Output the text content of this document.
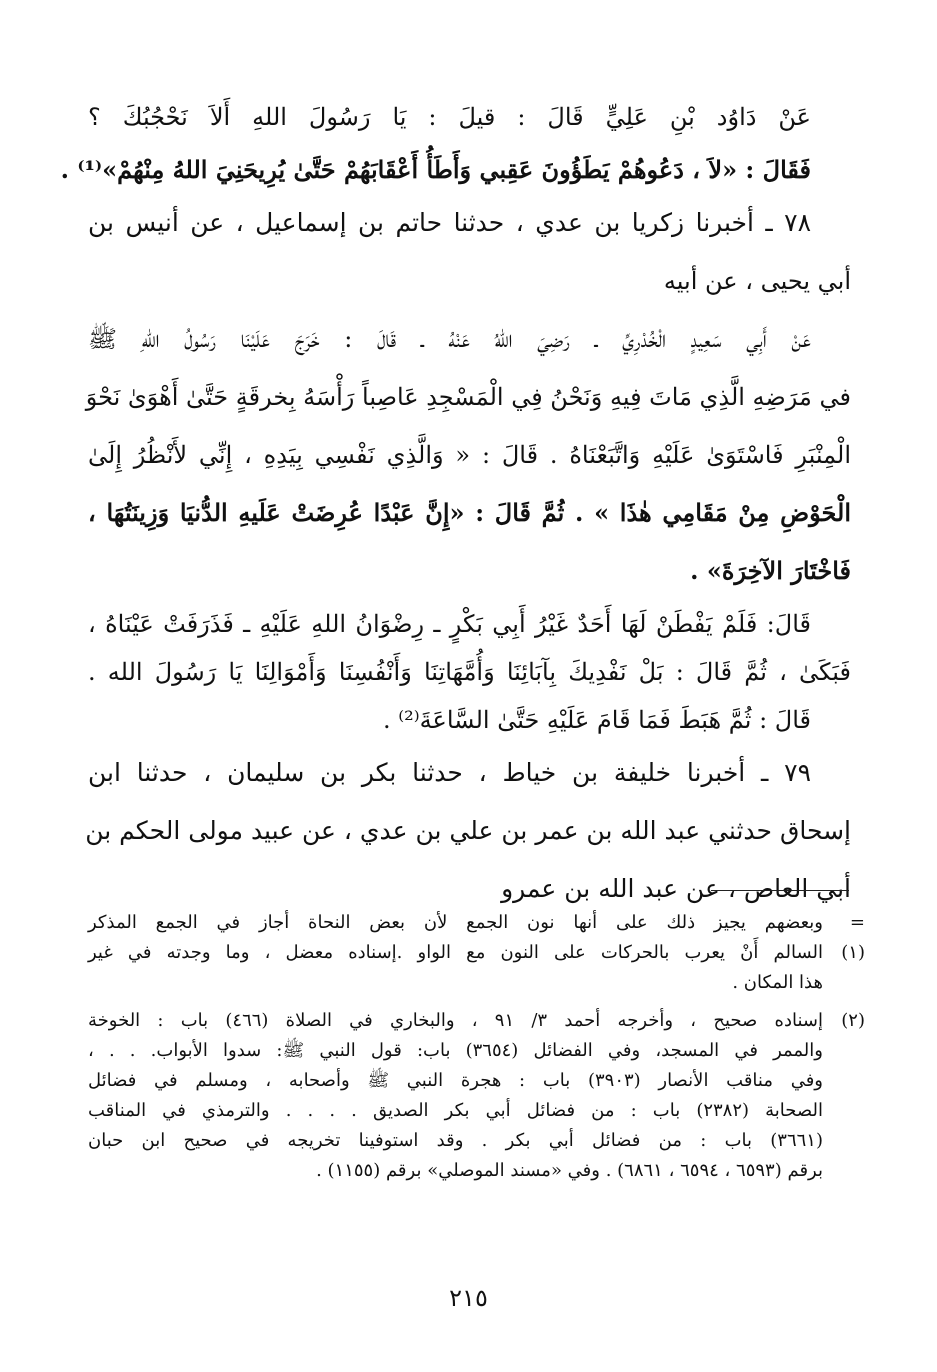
عَنْ دَاوُد بْنِ عَلِيٍّ قَالَ : قيلَ : يَا رَسُولَ اللهِ أَلاَ نَحْجُبُكَ ؟
فَقَالَ : «لاَ ، دَعُوهُمْ يَطَؤُونَ عَقِبي وَأَطَأُ أَعْقَابَهُمْ حَتَّىٰ يُرِيحَنِيَ اللهُ مِنْهُمْ»⁽¹⁾ .
٧٨ ـ أخبرنا زكريا بن عدي ، حدثنا حاتم بن إسماعيل ، عن أنيس بن
أبي يحيى ، عن أبيه
عَنْ أَبِي سَعِيدٍ الْخُدْرِيِّ ـ رَضِيَ اللهُ عَنْهُ ـ قَالَ : خَرَجَ عَلَيْنَا رَسُولُ اللهِ ﷺ
في مَرَضِهِ الَّذِي مَاتَ فِيهِ وَنَحْنُ فِي الْمَسْجِدِ عَاصِباً رَأْسَهُ بِخرقَةٍ حَتَّىٰ أَهْوَىٰ نَحْوَ
الْمِنْبَرِ فَاسْتَوَىٰ عَلَيْهِ وَاتَّبَعْنَاهُ . قَالَ : « وَالَّذِي نَفْسِي بِيَدِهِ ، إِنِّي لأَنْظُرُ إِلَىٰ
الْحَوْضِ مِنْ مَقَامِي هٰذَا » . ثُمَّ قَالَ : «إِنَّ عَبْدًا عُرِضَتْ عَلَيهِ الدُّنيَا وَزِينَتُهَا ،
فَاخْتَارَ الآخِرَةَ» .
قَالَ: فَلَمْ يَفْطَنْ لَهَا أَحَدٌ غَيْرُ أَبِي بَكْرٍ ـ رِضْوَانُ اللهِ عَلَيْهِ ـ فَذَرَفَتْ عَيْنَاهُ ،
فَبَكَىٰ ، ثُمَّ قَالَ : بَلْ نَفْدِيكَ بِآبَائِنَا وَأُمَّهَاتِنَا وَأَنْفُسِنَا وَأَمْوَالِنَا يَا رَسُولَ الله .
قَالَ : ثُمَّ هَبَطَ فَمَا قَامَ عَلَيْهِ حَتَّىٰ السَّاعَةَ⁽²⁾ .
٧٩ ـ أخبرنا خليفة بن خياط ، حدثنا بكر بن سليمان ، حدثنا ابن
إسحاق حدثني عبد الله بن عمر بن علي بن عدي ، عن عبيد مولى الحكم بن
أبي العاص ، عن عبد الله بن عمرو
=
وبعضهم يجيز ذلك على أنها نون الجمع لأن بعض النحاة أجاز في الجمع المذكر
(١)
السالم أَنْ يعرب بالحركات على النون مع الواو .إسناده معضل ، وما وجدته في غير
هذا المكان .
(٢)
إسناده صحيح ، وأخرجه أحمد ٣/ ٩١ ، والبخاري في الصلاة (٤٦٦) باب : الخوخة
والممر في المسجد، وفي الفضائل (٣٦٥٤) باب: قول النبي ﷺ: سدوا الأبواب. . . ،
وفي مناقب الأنصار (٣٩٠٣) باب : هجرة النبي ﷺ وأصحابه ، ومسلم في فضائل
الصحابة (٢٣٨٢) باب : من فضائل أبي بكر الصديق . . . . والترمذي في المناقب
(٣٦٦١) باب : من فضائل أبي بكر . وقد استوفينا تخريجه في صحيح ابن حبان
برقم (٦٥٩٣ ، ٦٥٩٤ ، ٦٨٦١) . وفي «مسند الموصلي» برقم (١١٥٥) .
٢١٥
